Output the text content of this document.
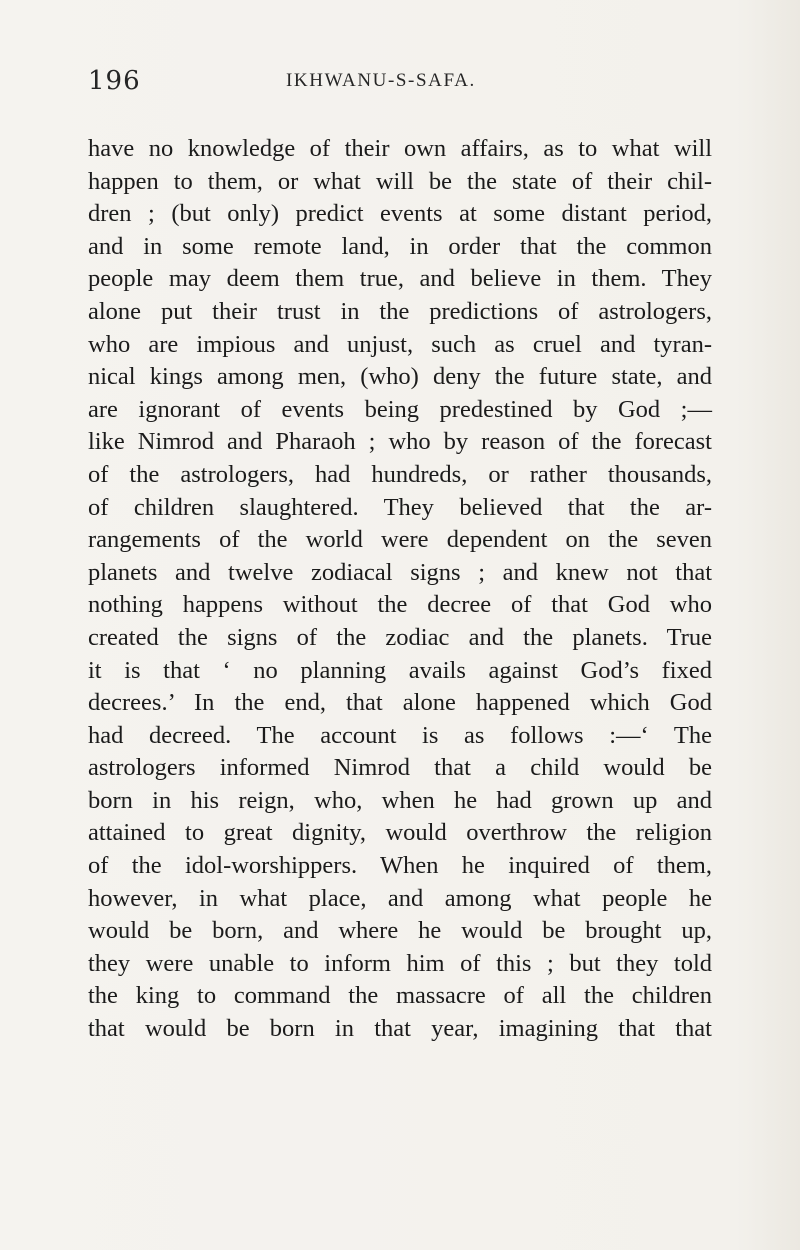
196	IKHWANU-S-SAFA.
have no knowledge of their own affairs, as to what will
happen to them, or what will be the state of their chil-
dren ; (but only) predict events at some distant period,
and in some remote land, in order that the common
people may deem them true, and believe in them. They
alone put their trust in the predictions of astrologers,
who are impious and unjust, such as cruel and tyran-
nical kings among men, (who) deny the future state, and
are ignorant of events being predestined by God ;—
like Nimrod and Pharaoh ; who by reason of the forecast
of the astrologers, had hundreds, or rather thousands,
of children slaughtered. They believed that the ar-
rangements of the world were dependent on the seven
planets and twelve zodiacal signs ; and knew not that
nothing happens without the decree of that God who
created the signs of the zodiac and the planets. True
it is that ‘ no planning avails against God’s fixed
decrees.’ In the end, that alone happened which God
had decreed. The account is as follows :—‘ The
astrologers informed Nimrod that a child would be
born in his reign, who, when he had grown up and
attained to great dignity, would overthrow the religion
of the idol-worshippers. When he inquired of them,
however, in what place, and among what people he
would be born, and where he would be brought up,
they were unable to inform him of this ; but they told
the king to command the massacre of all the children
that would be born in that year, imagining that that
